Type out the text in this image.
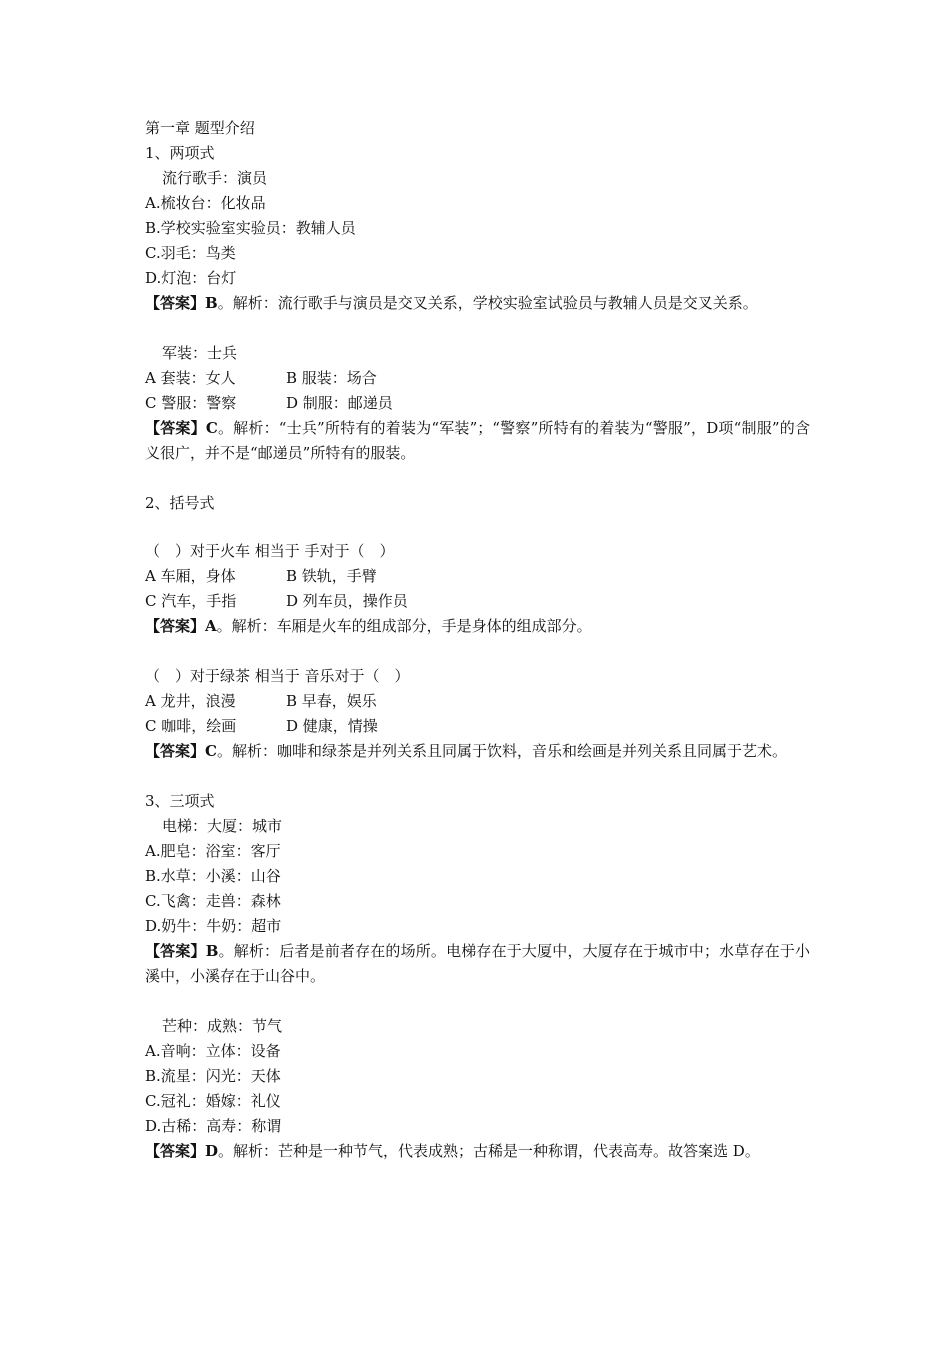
第一章 题型介绍
1、两项式
流行歌手：演员
A.梳妆台：化妆品
B.学校实验室实验员：教辅人员
C.羽毛：鸟类
D.灯泡：台灯
【答案】B。解析：流行歌手与演员是交叉关系，学校实验室试验员与教辅人员是交叉关系。
军装：士兵
A 套装：女人	B 服装：场合
C 警服：警察	D 制服：邮递员
【答案】C。解析：“士兵”所特有的着装为“军装”；“警察”所特有的着装为“警服”，D项“制服”的含义很广，并不是“邮递员”所特有的服装。
2、括号式
（　）对于火车 相当于 手对于（　）
A 车厢，身体	B 铁轨，手臂
C 汽车，手指	D 列车员，操作员
【答案】A。解析：车厢是火车的组成部分，手是身体的组成部分。
（　）对于绿茶 相当于 音乐对于（　）
A 龙井，浪漫	B 早春，娱乐
C 咖啡，绘画	D 健康，情操
【答案】C。解析：咖啡和绿茶是并列关系且同属于饮料，音乐和绘画是并列关系且同属于艺术。
3、三项式
电梯：大厦：城市
A.肥皂：浴室：客厅
B.水草：小溪：山谷
C.飞禽：走兽：森林
D.奶牛：牛奶：超市
【答案】B。解析：后者是前者存在的场所。电梯存在于大厦中，大厦存在于城市中；水草存在于小溪中，小溪存在于山谷中。
芒种：成熟：节气
A.音响：立体：设备
B.流星：闪光：天体
C.冠礼：婚嫁：礼仪
D.古稀：高寿：称谓
【答案】D。解析：芒种是一种节气，代表成熟；古稀是一种称谓，代表高寿。故答案选 D。
